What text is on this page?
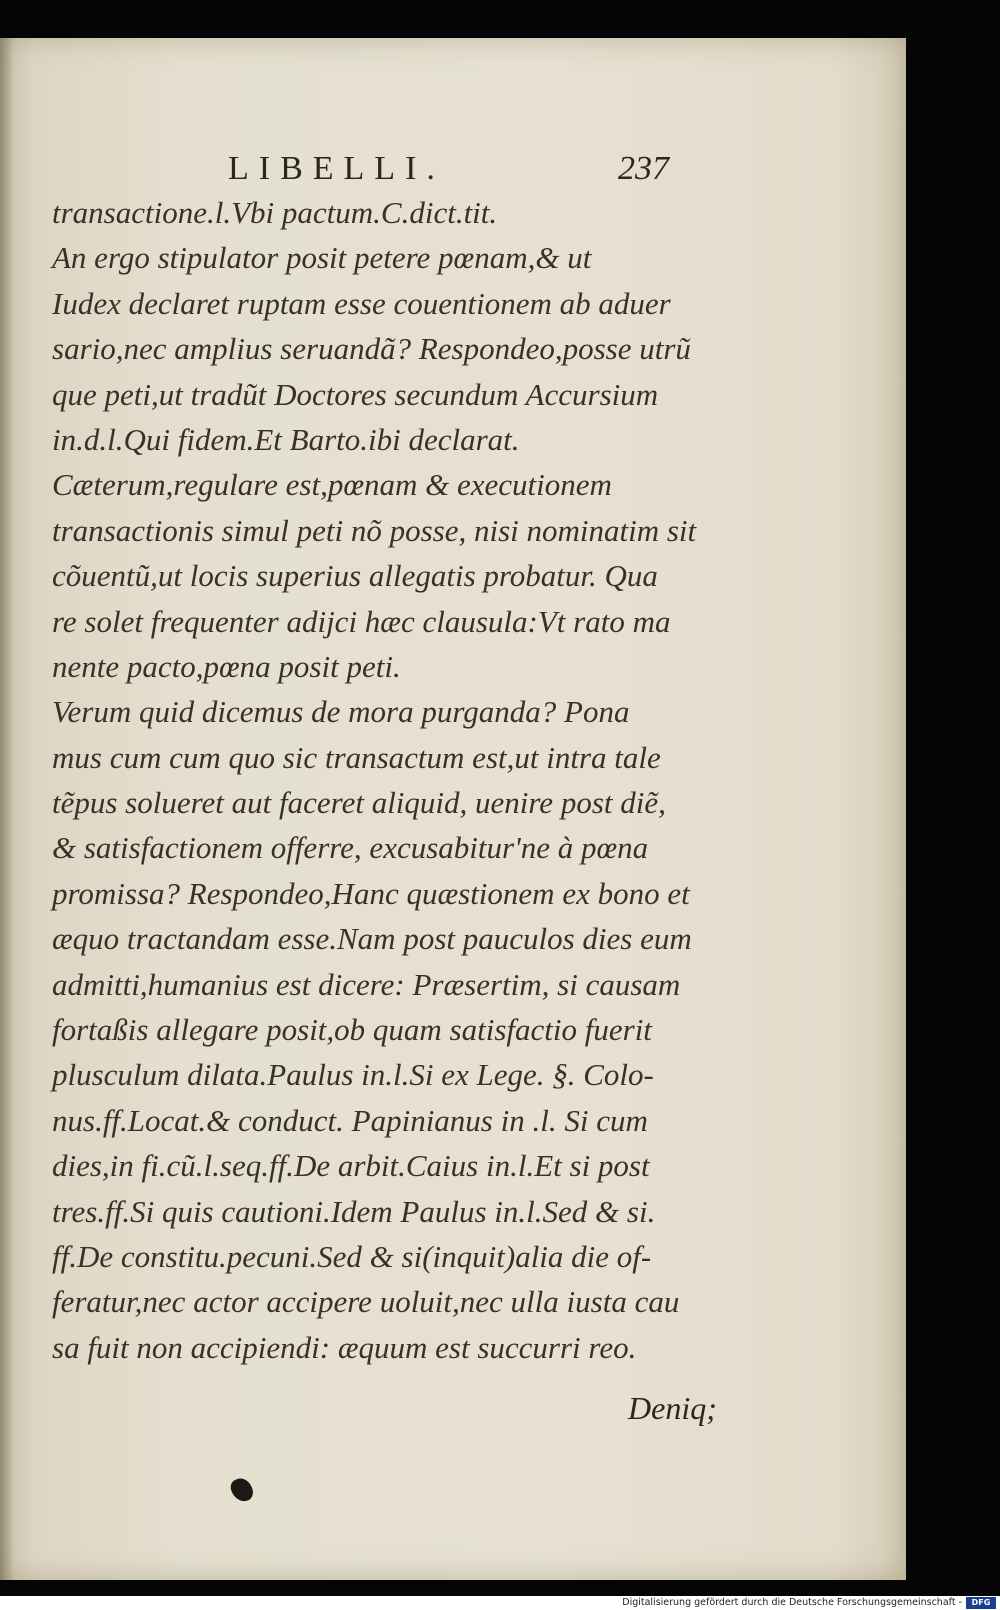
LIBELLI.	237
transactione.l.Vbi pactum.C.dict.tit.
An ergo stipulator posit petere pœnam,& ut
Iudex declaret ruptam esse couentionem ab aduer
sario,nec amplius seruandã? Respondeo,posse utrũ
que peti,ut tradũt Doctores secundum Accursium
in.d.l.Qui fidem.Et Barto.ibi declarat.
Cæterum,regulare est,pœnam & executionem
transactionis simul peti nõ posse, nisi nominatim sit
cõuentũ,ut locis superius allegatis probatur. Qua
re solet frequenter adijci hæc clausula:Vt rato ma
nente pacto,pœna posit peti.
Verum quid dicemus de mora purganda? Pona
mus cum cum quo sic transactum est,ut intra tale
tẽpus solueret aut faceret aliquid, uenire post diẽ,
& satisfactionem offerre, excusabitur'ne à pœna
promissa? Respondeo,Hanc quæstionem ex bono et
æquo tractandam esse.Nam post pauculos dies eum
admitti,humanius est dicere: Præsertim, si causam
fortaßis allegare posit,ob quam satisfactio fuerit
plusculum dilata.Paulus in.l.Si ex Lege. §. Colo-
nus.ff.Locat.& conduct. Papinianus in .l. Si cum
dies,in fi.cũ.l.seq.ff.De arbit.Caius in.l.Et si post
tres.ff.Si quis cautioni.Idem Paulus in.l.Sed & si.
ff.De constitu.pecuni.Sed & si(inquit)alia die of-
feratur,nec actor accipere uoluit,nec ulla iusta cau
sa fuit non accipiendi: æquum est succurri reo.
Deniq;
Digitalisierung gefördert durch die Deutsche Forschungsgemeinschaft -	DFG
